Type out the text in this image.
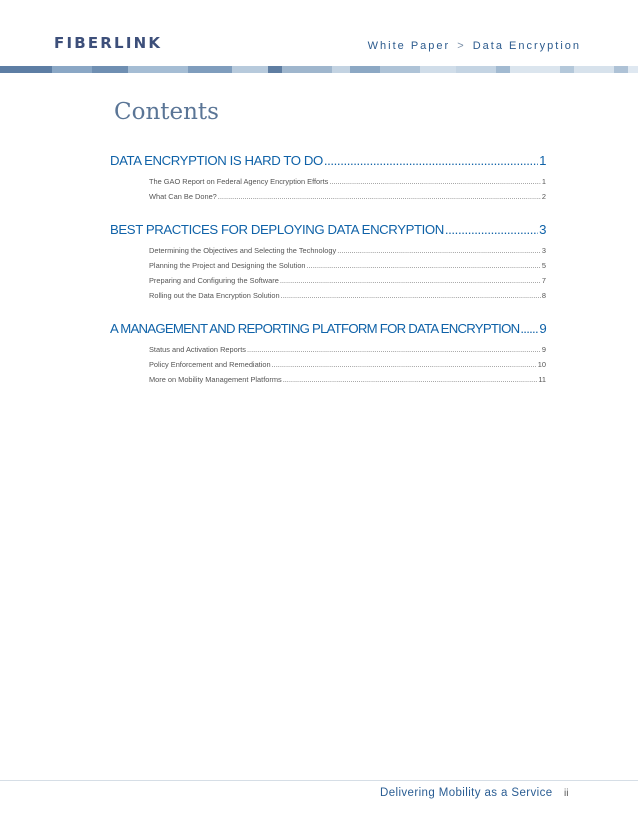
FIBERLINK	White Paper > Data Encryption
Contents
DATA ENCRYPTION IS HARD TO DO .....	1
The GAO Report on Federal Agency Encryption Efforts .....	1
What Can Be Done? .....	2
BEST PRACTICES FOR DEPLOYING DATA ENCRYPTION .....	3
Determining the Objectives and Selecting the Technology .....	3
Planning the Project and Designing the Solution .....	5
Preparing and Configuring the Software .....	7
Rolling out the Data Encryption Solution .....	8
A MANAGEMENT AND REPORTING PLATFORM FOR DATA ENCRYPTION ..... 9
Status and Activation Reports .....	9
Policy Enforcement and Remediation .....	10
More on Mobility Management Platforms .....	11
Delivering Mobility as a Service ii
